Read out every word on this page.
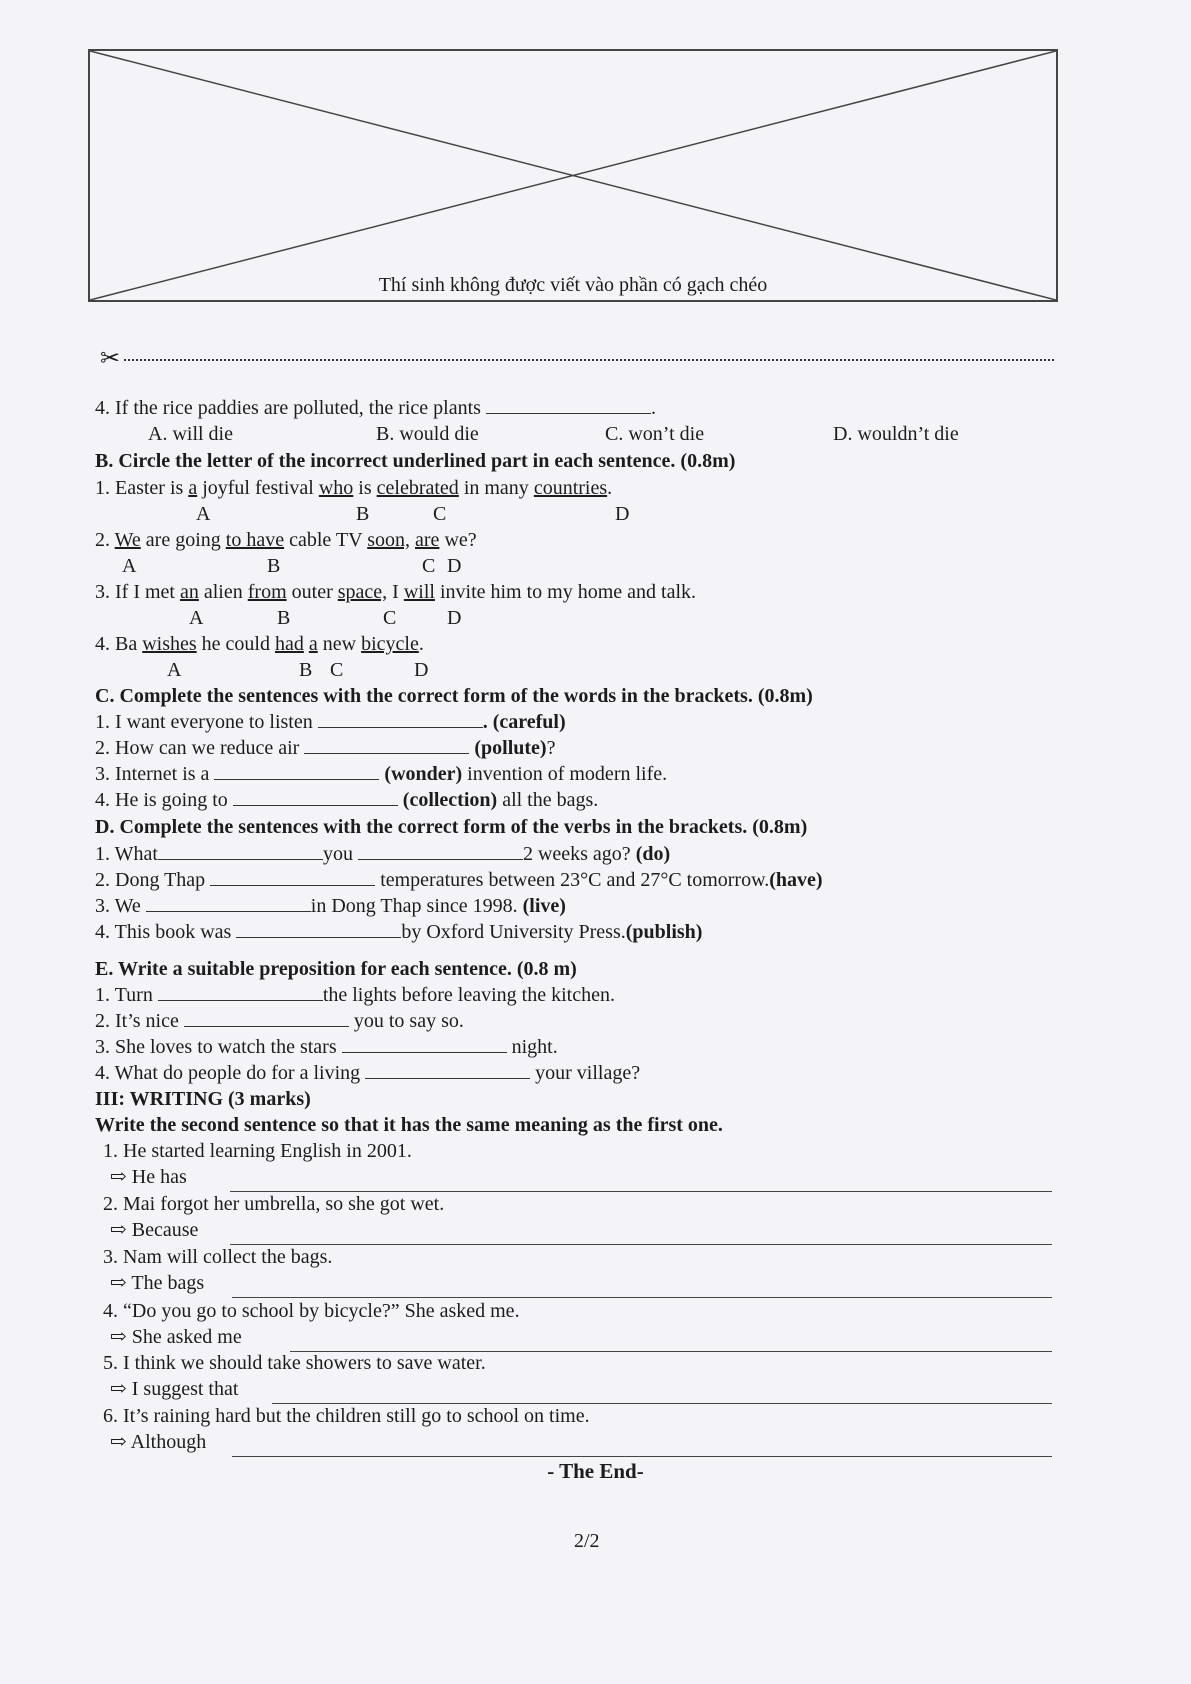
Thí sinh không được viết vào phần có gạch chéo
✂
4. If the rice paddies are polluted, the rice plants	.
A. will die
B. Circle the letter of the incorrect underlined part in each sentence. (0.8m)
1. Easter is a joyful festival who is celebrated in many countries.
2. We are going to have cable TV soon, are we?
3. If I met an alien from outer space, I will invite him to my home and talk.
4. Ba wishes he could had a new bicycle.
C. Complete the sentences with the correct form of the words in the brackets. (0.8m)
1. I want everyone to listen	. (careful)
2. How can we reduce air	(pollute)?
3. Internet is a	(wonder) invention of modern life.
4. He is going to	(collection) all the bags.
D. Complete the sentences with the correct form of the verbs in the brackets. (0.8m)
1. What	you	2 weeks ago? (do)
2. Dong Thap	temperatures between 23°C and 27°C tomorrow.(have)
3. We	in Dong Thap since 1998. (live)
4. This book was	by Oxford University Press.(publish)
E. Write a suitable preposition for each sentence. (0.8 m)
1. Turn	the lights before leaving the kitchen.
2. It’s nice	you to say so.
3. She loves to watch the stars	night.
4. What do people do for a living	your village?
III: WRITING (3 marks)
Write the second sentence so that it has the same meaning as the first one.
1. He started learning English in 2001.
⇨ He has
2. Mai forgot her umbrella, so she got wet.
⇨ Because
3. Nam will collect the bags.
⇨ The bags
4. “Do you go to school by bicycle?” She asked me.
⇨ She asked me
5. I think we should take showers to save water.
⇨ I suggest that
6. It’s raining hard but the children still go to school on time.
⇨ Although
B. would die	C. won’t die	D. wouldn’t die
A	B	C	D
A	B	C D
A	B	C	D
A	B C	D
- The End-
2/2
